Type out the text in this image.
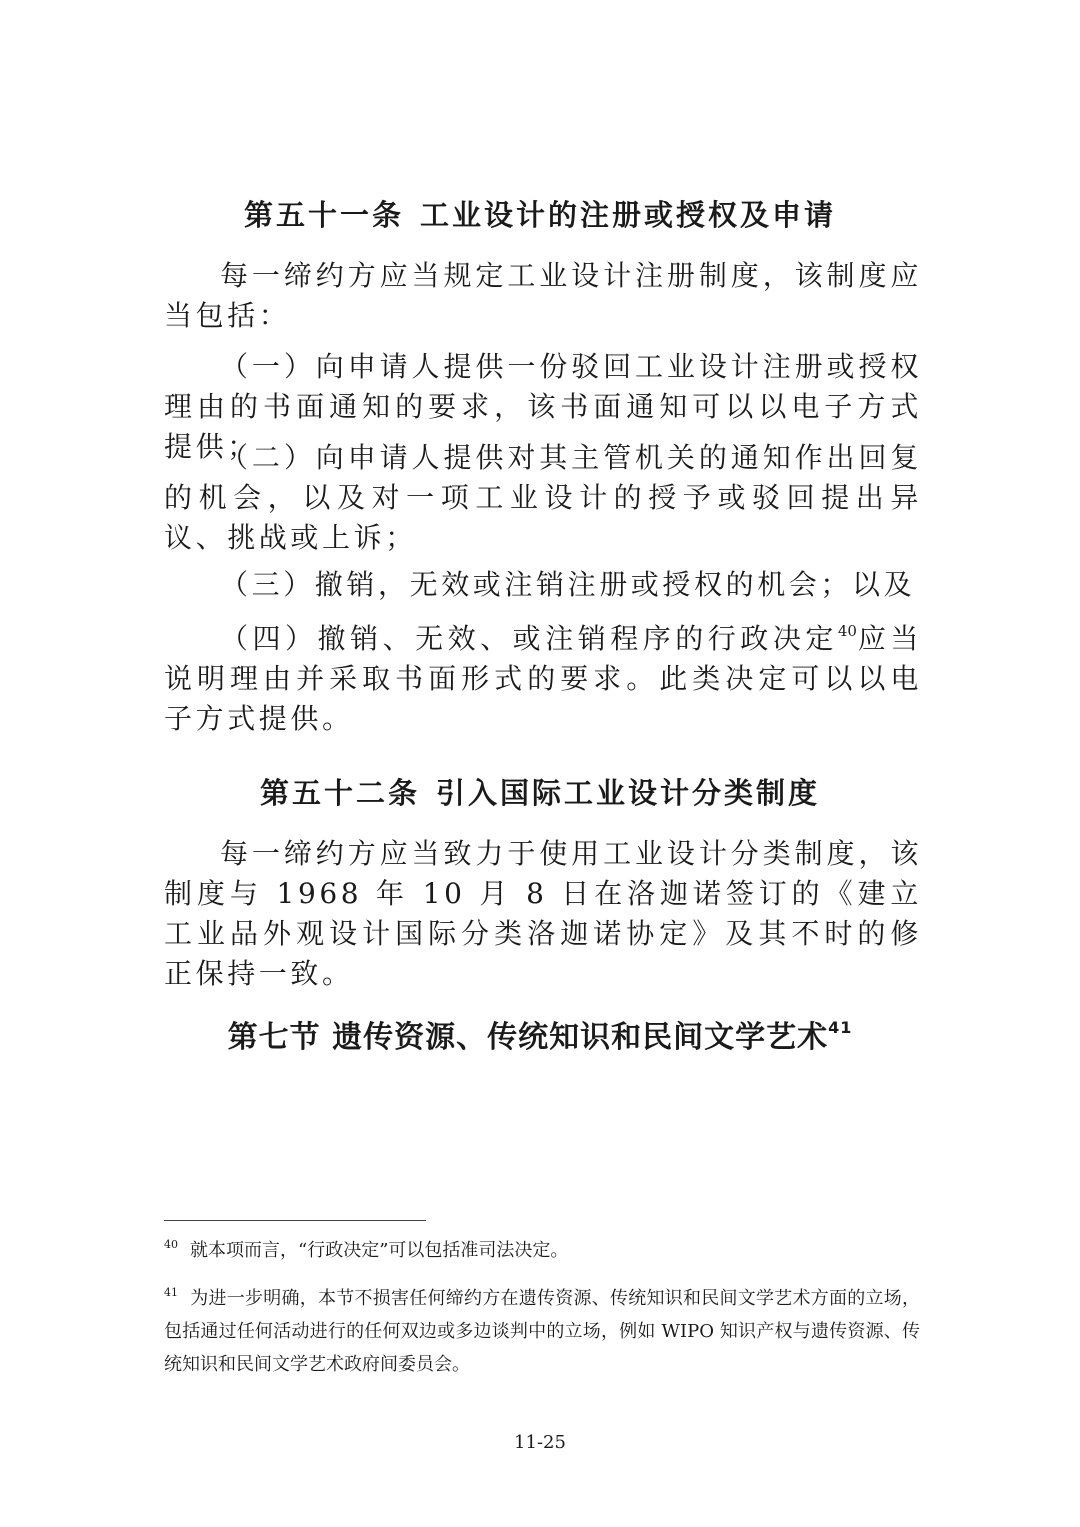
第五十一条 工业设计的注册或授权及申请

每一缔约方应当规定工业设计注册制度，该制度应当包括：

（一）向申请人提供一份驳回工业设计注册或授权理由的书面通知的要求，该书面通知可以以电子方式提供；

（二）向申请人提供对其主管机关的通知作出回复的机会，以及对一项工业设计的授予或驳回提出异议、挑战或上诉；

（三）撤销，无效或注销注册或授权的机会；以及

（四）撤销、无效、或注销程序的行政决定$^{40}$应当说明理由并采取书面形式的要求。此类决定可以以电子方式提供。

第五十二条 引入国际工业设计分类制度

每一缔约方应当致力于使用工业设计分类制度，该制度与 1968 年 10 月 8 日在洛迦诺签订的《建立工业品外观设计国际分类洛迦诺协定》及其不时的修正保持一致。

第七节 遗传资源、传统知识和民间文学艺术$^{41}$

$^{40}$ 就本项而言，“行政决定”可以包括准司法决定。

$^{41}$ 为进一步明确，本节不损害任何缔约方在遗传资源、传统知识和民间文学艺术方面的立场，包括通过任何活动进行的任何双边或多边谈判中的立场，例如 WIPO 知识产权与遗传资源、传统知识和民间文学艺术政府间委员会。

11-25
